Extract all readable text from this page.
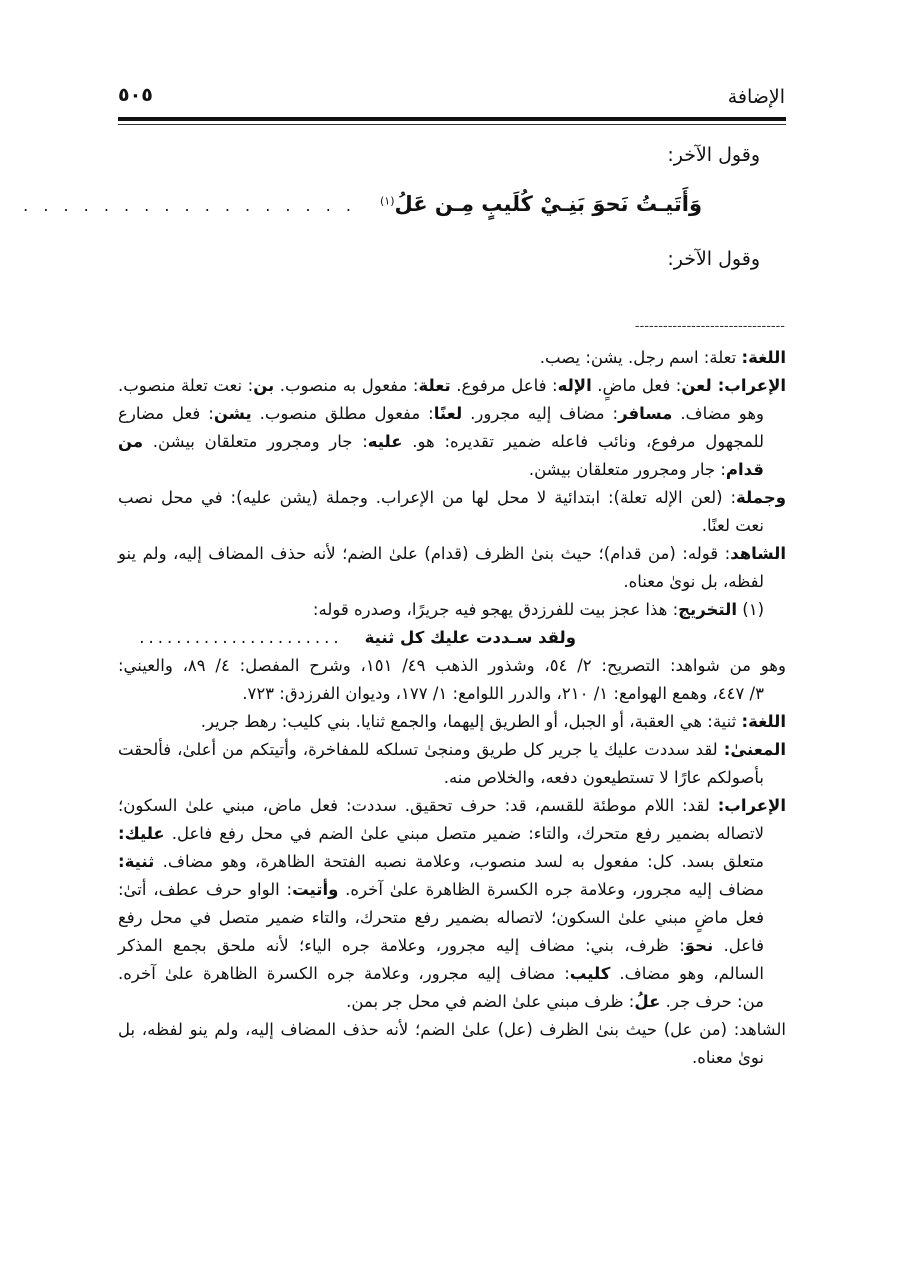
الإضافة
٥٠٥
وقول الآخر:
وَأَتَيـتُ نَحوَ بَنِـيْ كُلَيبٍ مِـن عَلُ$^{(١)}$
. . . . . . . . . . . . . . . . .
وقول الآخر:
--------------------------------
اللغة: تعلة: اسم رجل. يشن: يصب.
الإعراب: لعن: فعل ماضٍ. الإله: فاعل مرفوع. تعلة: مفعول به منصوب. بن: نعت تعلة منصوب.
وهو مضاف. مسافر: مضاف إليه مجرور. لعنًا: مفعول مطلق منصوب. يشن: فعل مضارع
للمجهول مرفوع، ونائب فاعله ضمير تقديره: هو. عليه: جار ومجرور متعلقان بيشن. من
قدام: جار ومجرور متعلقان بيشن.
وجملة: (لعن الإله تعلة): ابتدائية لا محل لها من الإعراب. وجملة (يشن عليه): في محل نصب
نعت لعنًا.
الشاهد: قوله: (من قدام)؛ حيث بنىٰ الظرف (قدام) علىٰ الضم؛ لأنه حذف المضاف إليه، ولم ينو
لفظه، بل نوىٰ معناه.
(١) التخريج: هذا عجز بيت للفرزدق يهجو فيه جريرًا، وصدره قوله:
ولقد سـددت عليك كل ثنية
......................
وهو من شواهد: التصريح: ٢/ ٥٤، وشذور الذهب ٤٩/ ١٥١، وشرح المفصل: ٤/ ٨٩، والعيني:
٣/ ٤٤٧، وهمع الهوامع: ١/ ٢١٠، والدرر اللوامع: ١/ ١٧٧، وديوان الفرزدق: ٧٢٣.
اللغة: ثنية: هي العقبة، أو الجبل، أو الطريق إليهما، والجمع ثنايا. بني كليب: رهط جرير.
المعنىٰ: لقد سددت عليك يا جرير كل طريق ومنجىٰ تسلكه للمفاخرة، وأتيتكم من أعلىٰ، فألحقت
بأصولكم عارًا لا تستطيعون دفعه، والخلاص منه.
الإعراب: لقد: اللام موطئة للقسم، قد: حرف تحقيق. سددت: فعل ماض، مبني علىٰ السكون؛
لاتصاله بضمير رفع متحرك، والتاء: ضمير متصل مبني علىٰ الضم في محل رفع فاعل. عليك:
متعلق بسد. كل: مفعول به لسد منصوب، وعلامة نصبه الفتحة الظاهرة، وهو مضاف. ثنية:
مضاف إليه مجرور، وعلامة جره الكسرة الظاهرة علىٰ آخره. وأتيت: الواو حرف عطف، أتىٰ:
فعل ماضٍ مبني علىٰ السكون؛ لاتصاله بضمير رفع متحرك، والتاء ضمير متصل في محل رفع
فاعل. نحوَ: ظرف، بني: مضاف إليه مجرور، وعلامة جره الياء؛ لأنه ملحق بجمع المذكر
السالم، وهو مضاف. كليب: مضاف إليه مجرور، وعلامة جره الكسرة الظاهرة علىٰ آخره.
من: حرف جر. علُ: ظرف مبني علىٰ الضم في محل جر بمن.
الشاهد: (من عل) حيث بنىٰ الظرف (عل) علىٰ الضم؛ لأنه حذف المضاف إليه، ولم ينو لفظه، بل
نوىٰ معناه.
